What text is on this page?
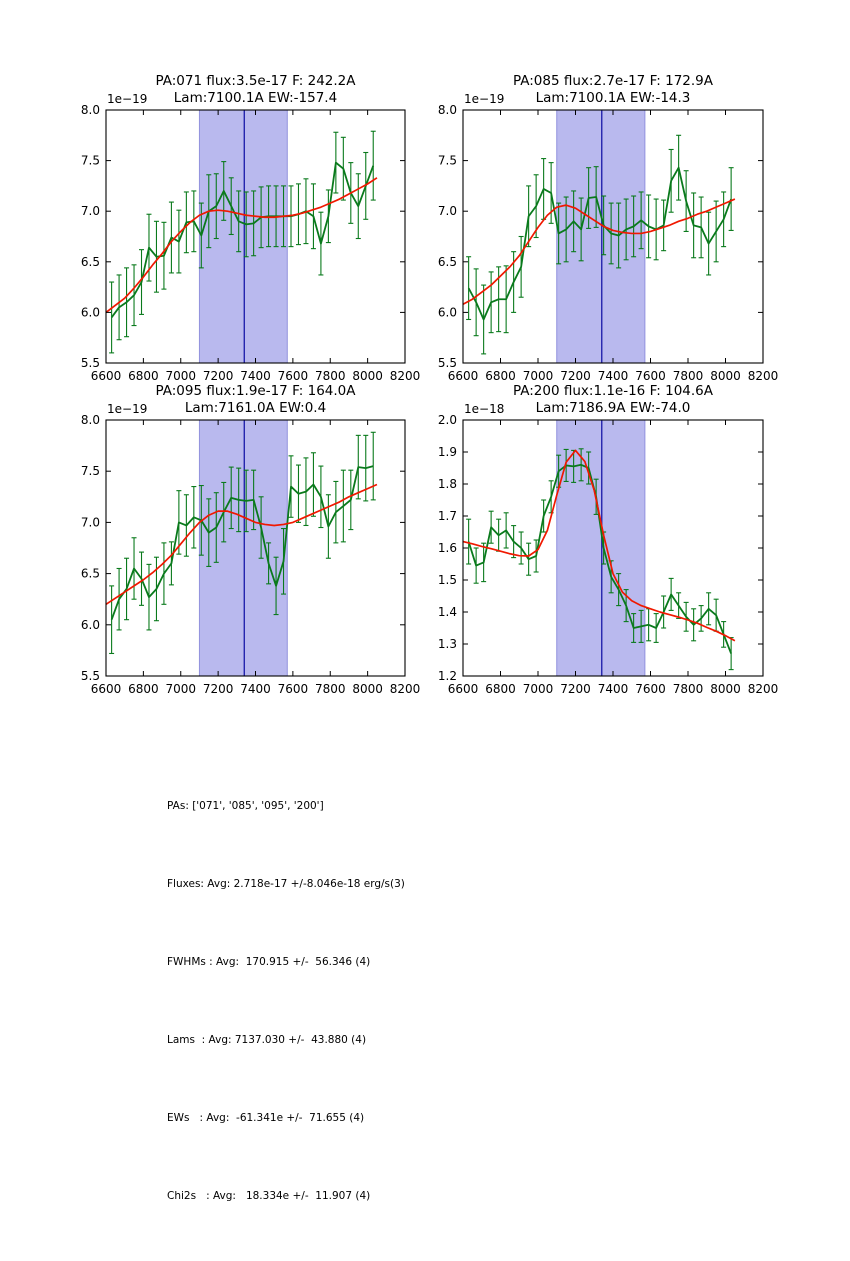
PA:071 flux:3.5e-17 F: 242.2A
Lam:7100.1A EW:-157.4
1e−19
6600 6800 7000 7200 7400 7600 7800 8000 8200
5.5
6.0
6.5
7.0
7.5
8.0
PA:085 flux:2.7e-17 F: 172.9A
Lam:7100.1A EW:-14.3
1e−19
6600 6800 7000 7200 7400 7600 7800 8000 8200
5.5
6.0
6.5
7.0
7.5
8.0
PA:095 flux:1.9e-17 F: 164.0A
Lam:7161.0A EW:0.4
1e−19
6600 6800 7000 7200 7400 7600 7800 8000 8200
5.5
6.0
6.5
7.0
7.5
8.0
PA:200 flux:1.1e-16 F: 104.6A
Lam:7186.9A EW:-74.0
1e−18
6600 6800 7000 7200 7400 7600 7800 8000 8200
1.2
1.3
1.4
1.5
1.6
1.7
1.8
1.9
2.0

PAs: ['071', '085', '095', '200']

Fluxes: Avg: 2.718e-17 +/-8.046e-18 erg/s(3)

FWHMs : Avg:  170.915 +/-  56.346 (4)

Lams  : Avg: 7137.030 +/-  43.880 (4)

EWs   : Avg:  -61.341e +/-  71.655 (4)

Chi2s   : Avg:   18.334e +/-  11.907 (4)
